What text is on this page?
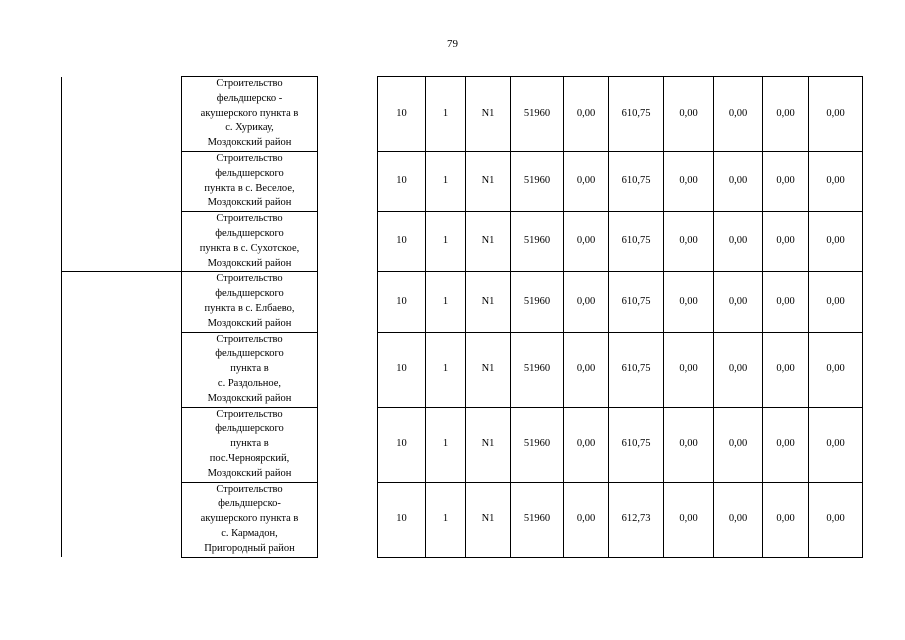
79

	Строительство
фельдшерско -
акушерского пункта в
с. Хурикау,
Моздокский район		10	1	N1	51960	0,00	610,75	0,00	0,00	0,00	0,00

	Строительство
фельдшерского
пункта в с. Веселое,
Моздокский район		10	1	N1	51960	0,00	610,75	0,00	0,00	0,00	0,00

	Строительство
фельдшерского
пункта в с. Сухотское,
Моздокский район		10	1	N1	51960	0,00	610,75	0,00	0,00	0,00	0,00

	Строительство
фельдшерского
пункта в с. Елбаево,
Моздокский район		10	1	N1	51960	0,00	610,75	0,00	0,00	0,00	0,00

	Строительство
фельдшерского
пункта в
с. Раздольное,
Моздокский район		10	1	N1	51960	0,00	610,75	0,00	0,00	0,00	0,00

	Строительство
фельдшерского
пункта в
пос.Черноярский,
Моздокский район		10	1	N1	51960	0,00	610,75	0,00	0,00	0,00	0,00

	Строительство
фельдшерско-
акушерского пункта в
с. Кармадон,
Пригородный район		10	1	N1	51960	0,00	612,73	0,00	0,00	0,00	0,00
